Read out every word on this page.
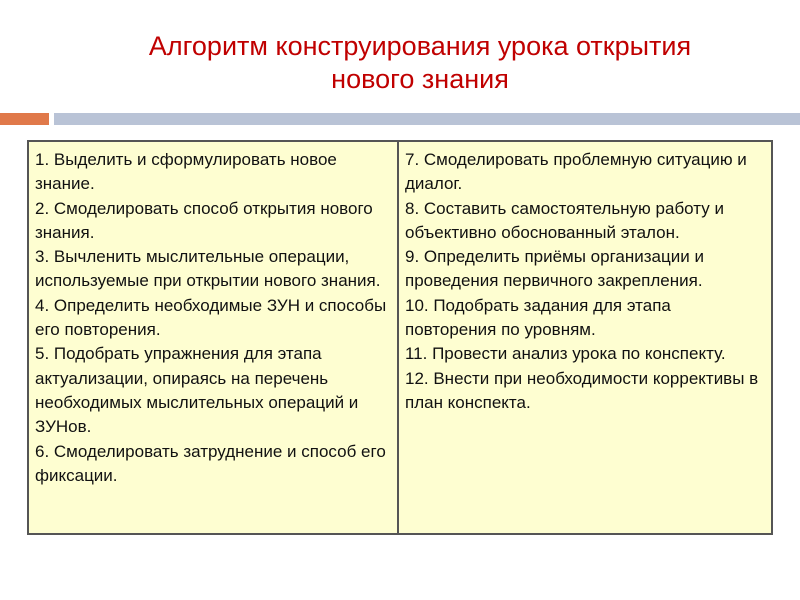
Алгоритм конструирования урока открытия
нового знания
1. Выделить и сформулировать новое знание.
2. Смоделировать способ открытия нового знания.
3. Вычленить мыслительные операции, используемые при открытии нового знания.
4. Определить необходимые ЗУН и способы его повторения.
5. Подобрать упражнения для этапа актуализации, опираясь на перечень необходимых мыслительных операций и ЗУНов.
6. Смоделировать затруднение и способ его фиксации.

7. Смоделировать проблемную ситуацию и диалог.
8. Составить самостоятельную работу и объективно обоснованный эталон.
9. Определить приёмы организации и проведения первичного закрепления.
10. Подобрать задания для этапа повторения по уровням.
11. Провести анализ урока по конспекту.
12. Внести при необходимости коррективы в план конспекта.
